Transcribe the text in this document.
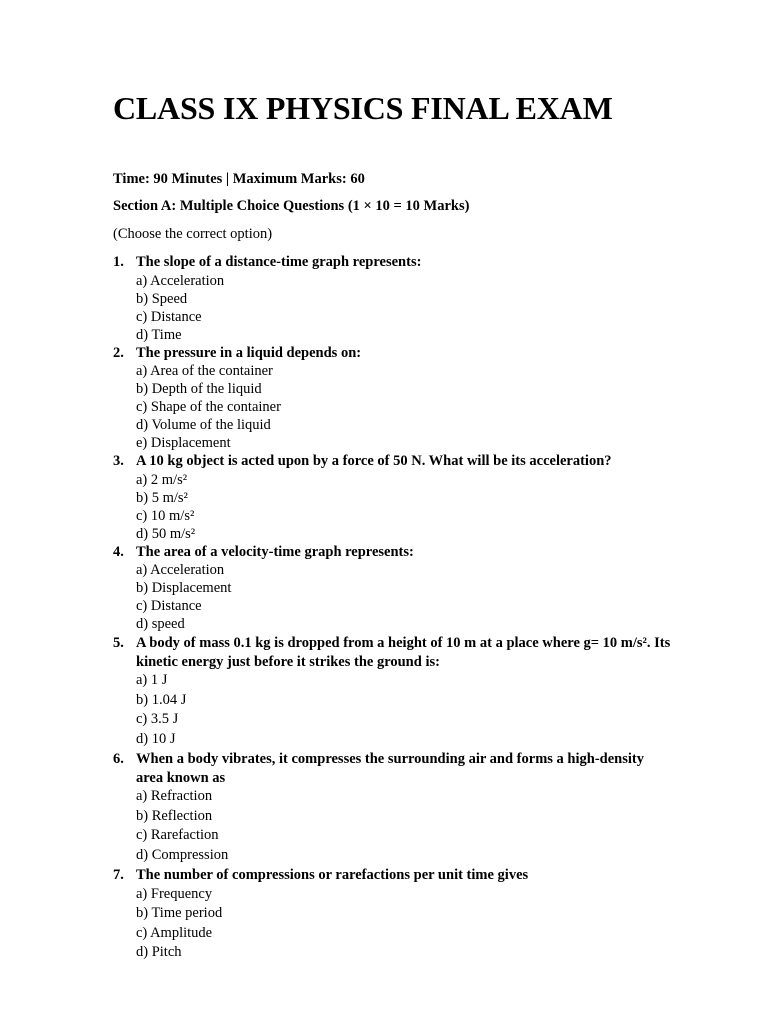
CLASS IX PHYSICS FINAL EXAM
Time: 90 Minutes | Maximum Marks: 60
Section A: Multiple Choice Questions (1 × 10 = 10 Marks)
(Choose the correct option)
1. The slope of a distance-time graph represents:
a) Acceleration
b) Speed
c) Distance
d) Time
2. The pressure in a liquid depends on:
a) Area of the container
b) Depth of the liquid
c) Shape of the container
d) Volume of the liquid
e) Displacement
3. A 10 kg object is acted upon by a force of 50 N. What will be its acceleration?
a) 2 m/s²
b) 5 m/s²
c) 10 m/s²
d) 50 m/s²
4. The area of a velocity-time graph represents:
a) Acceleration
b) Displacement
c) Distance
d) speed
5. A body of mass 0.1 kg is dropped from a height of 10 m at a place where g= 10 m/s². Its kinetic energy just before it strikes the ground is:
a) 1 J
b) 1.04 J
c) 3.5 J
d) 10 J
6. When a body vibrates, it compresses the surrounding air and forms a high-density area known as
a) Refraction
b) Reflection
c) Rarefaction
d) Compression
7. The number of compressions or rarefactions per unit time gives
a) Frequency
b) Time period
c) Amplitude
d) Pitch
